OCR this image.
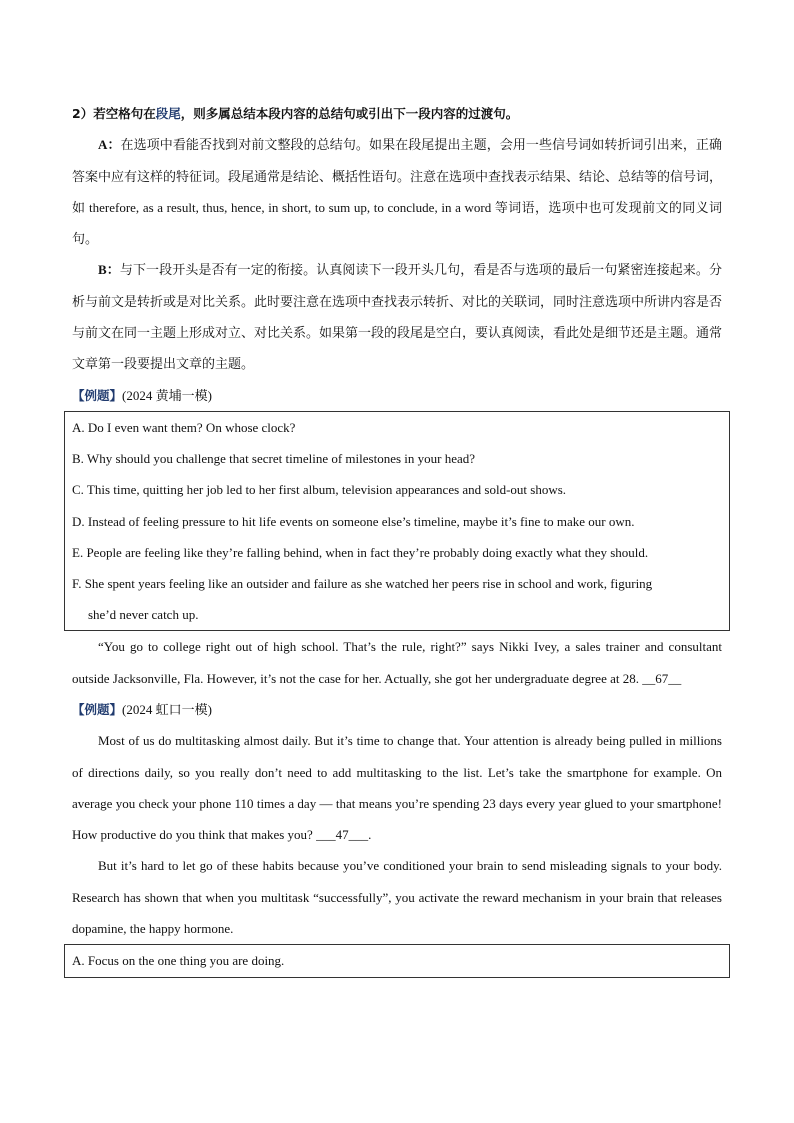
2）若空格句在段尾，则多属总结本段内容的总结句或引出下一段内容的过渡句。

A：在选项中看能否找到对前文整段的总结句。如果在段尾提出主题，会用一些信号词如转折词引出来，正确答案中应有这样的特征词。段尾通常是结论、概括性语句。注意在选项中查找表示结果、结论、总结等的信号词，如 therefore, as a result, thus, hence, in short, to sum up, to conclude, in a word 等词语，选项中也可发现前文的同义词句。

B：与下一段开头是否有一定的衔接。认真阅读下一段开头几句，看是否与选项的最后一句紧密连接起来。分析与前文是转折或是对比关系。此时要注意在选项中查找表示转折、对比的关联词，同时注意选项中所讲内容是否与前文在同一主题上形成对立、对比关系。如果第一段的段尾是空白，要认真阅读，看此处是细节还是主题。通常文章第一段要提出文章的主题。

【例题】(2024 黄埔一模)

A. Do I even want them? On whose clock?

B. Why should you challenge that secret timeline of milestones in your head?

C. This time, quitting her job led to her first album, television appearances and sold-out shows.

D. Instead of feeling pressure to hit life events on someone else’s timeline, maybe it’s fine to make our own.

E. People are feeling like they’re falling behind, when in fact they’re probably doing exactly what they should.

F. She spent years feeling like an outsider and failure as she watched her peers rise in school and work, figuring
she’d never catch up.

“You go to college right out of high school. That’s the rule, right?” says Nikki Ivey, a sales trainer and consultant outside Jacksonville, Fla. However, it’s not the case for her. Actually, she got her undergraduate degree at 28. __67__

【例题】(2024 虹口一模)

Most of us do multitasking almost daily. But it’s time to change that. Your attention is already being pulled in millions of directions daily, so you really don’t need to add multitasking to the list. Let’s take the smartphone for example. On average you check your phone 110 times a day — that means you’re spending 23 days every year glued to your smartphone! How productive do you think that makes you? ___47___.

But it’s hard to let go of these habits because you’ve conditioned your brain to send misleading signals to your body. Research has shown that when you multitask “successfully”, you activate the reward mechanism in your brain that releases dopamine, the happy hormone.

A. Focus on the one thing you are doing.
